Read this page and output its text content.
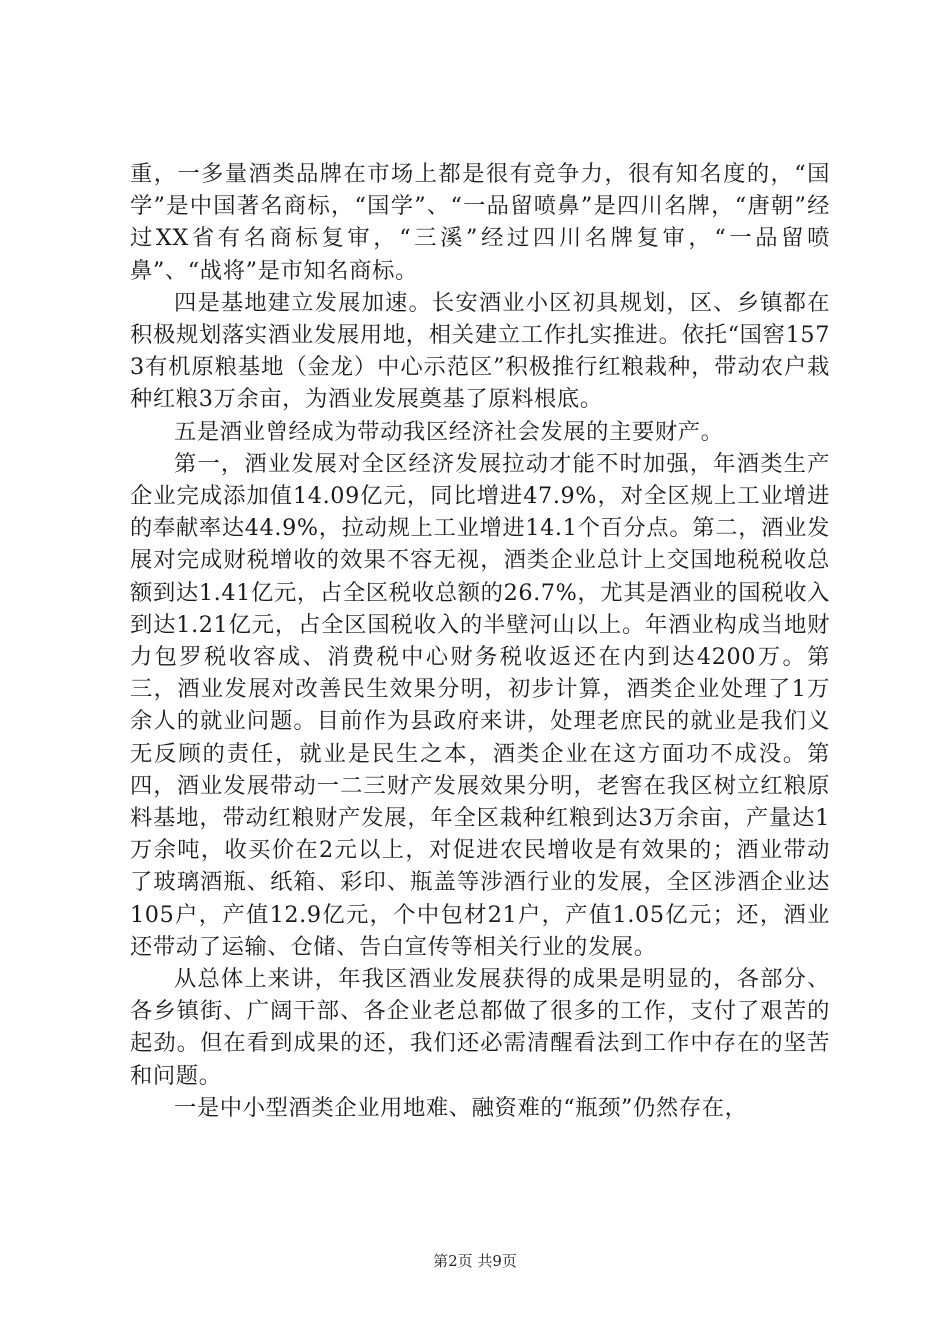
重，一多量酒类品牌在市场上都是很有竞争力，很有知名度的，“国学”是中国著名商标，“国学”、“一品留喷鼻”是四川名牌，“唐朝”经过XX省有名商标复审，“三溪”经过四川名牌复审，“一品留喷鼻”、“战将”是市知名商标。

四是基地建立发展加速。长安酒业小区初具规划，区、乡镇都在积极规划落实酒业发展用地，相关建立工作扎实推进。依托“国窖1573有机原粮基地（金龙）中心示范区”积极推行红粮栽种，带动农户栽种红粮3万余亩，为酒业发展奠基了原料根底。

五是酒业曾经成为带动我区经济社会发展的主要财产。

第一，酒业发展对全区经济发展拉动才能不时加强，年酒类生产企业完成添加值14.09亿元，同比增进47.9%，对全区规上工业增进的奉献率达44.9%，拉动规上工业增进14.1个百分点。第二，酒业发展对完成财税增收的效果不容无视，酒类企业总计上交国地税税收总额到达1.41亿元，占全区税收总额的26.7%，尤其是酒业的国税收入到达1.21亿元，占全区国税收入的半壁河山以上。年酒业构成当地财力包罗税收容成、消费税中心财务税收返还在内到达4200万。第三，酒业发展对改善民生效果分明，初步计算，酒类企业处理了1万余人的就业问题。目前作为县政府来讲，处理老庶民的就业是我们义无反顾的责任，就业是民生之本，酒类企业在这方面功不成没。第四，酒业发展带动一二三财产发展效果分明，老窖在我区树立红粮原料基地，带动红粮财产发展，年全区栽种红粮到达3万余亩，产量达1万余吨，收买价在2元以上，对促进农民增收是有效果的；酒业带动了玻璃酒瓶、纸箱、彩印、瓶盖等涉酒行业的发展，全区涉酒企业达105户，产值12.9亿元，个中包材21户，产值1.05亿元；还，酒业还带动了运输、仓储、告白宣传等相关行业的发展。

从总体上来讲，年我区酒业发展获得的成果是明显的，各部分、各乡镇街、广阔干部、各企业老总都做了很多的工作，支付了艰苦的起劲。但在看到成果的还，我们还必需清醒看法到工作中存在的坚苦和问题。

一是中小型酒类企业用地难、融资难的“瓶颈”仍然存在，

第2页 共9页
